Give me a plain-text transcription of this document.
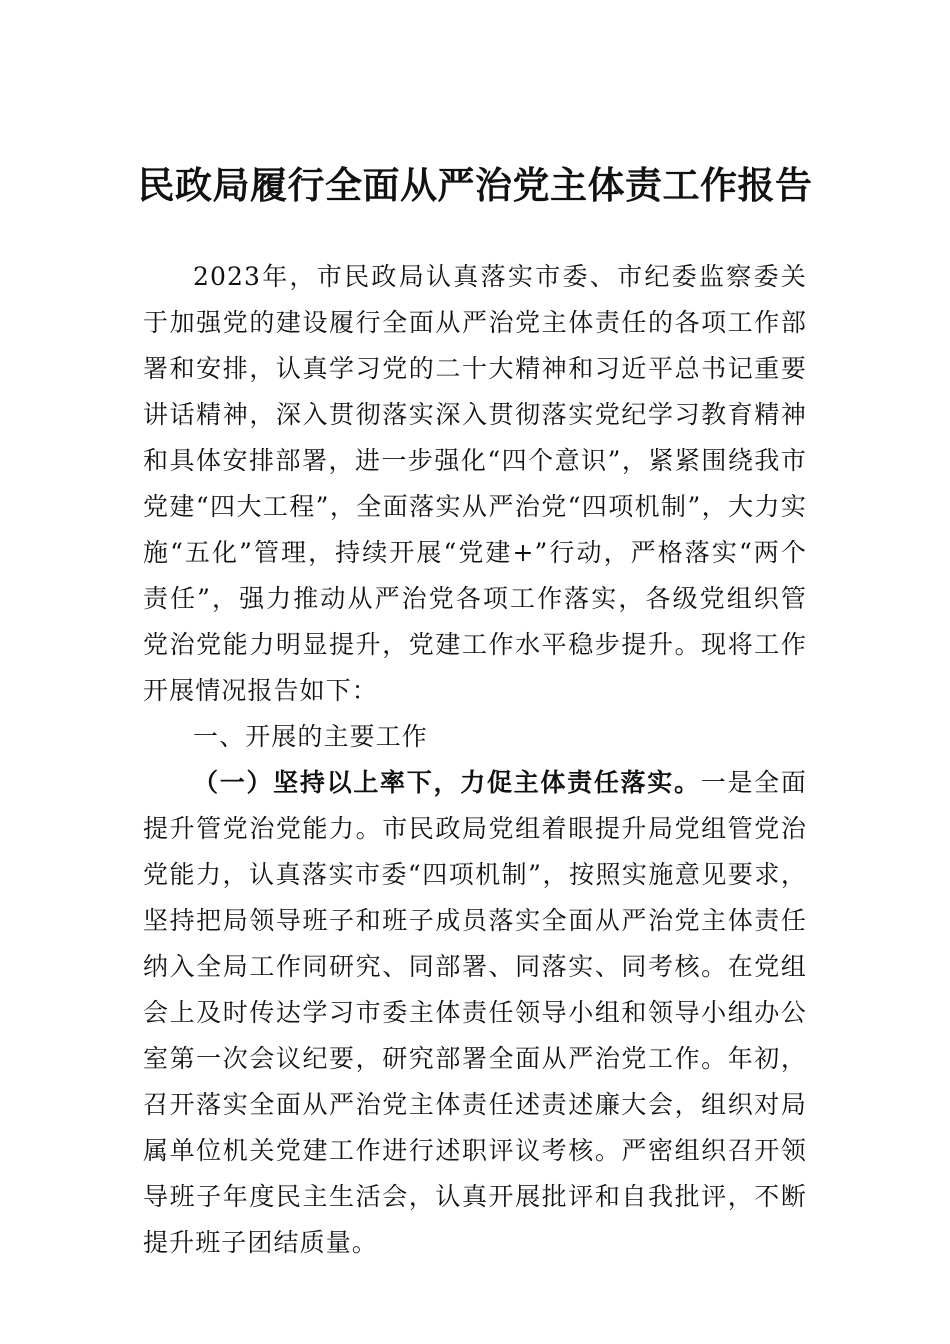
民政局履行全面从严治党主体责工作报告

2023年，市民政局认真落实市委、市纪委监察委关于加强党的建设履行全面从严治党主体责任的各项工作部署和安排，认真学习党的二十大精神和习近平总书记重要讲话精神，深入贯彻落实深入贯彻落实党纪学习教育精神和具体安排部署，进一步强化“四个意识”，紧紧围绕我市党建“四大工程”，全面落实从严治党“四项机制”，大力实施“五化”管理，持续开展“党建+”行动，严格落实“两个责任”，强力推动从严治党各项工作落实，各级党组织管党治党能力明显提升，党建工作水平稳步提升。现将工作开展情况报告如下：

一、开展的主要工作

（一）坚持以上率下，力促主体责任落实。一是全面提升管党治党能力。市民政局党组着眼提升局党组管党治党能力，认真落实市委“四项机制”，按照实施意见要求，坚持把局领导班子和班子成员落实全面从严治党主体责任纳入全局工作同研究、同部署、同落实、同考核。在党组会上及时传达学习市委主体责任领导小组和领导小组办公室第一次会议纪要，研究部署全面从严治党工作。年初，召开落实全面从严治党主体责任述责述廉大会，组织对局属单位机关党建工作进行述职评议考核。严密组织召开领导班子年度民主生活会，认真开展批评和自我批评，不断提升班子团结质量。
